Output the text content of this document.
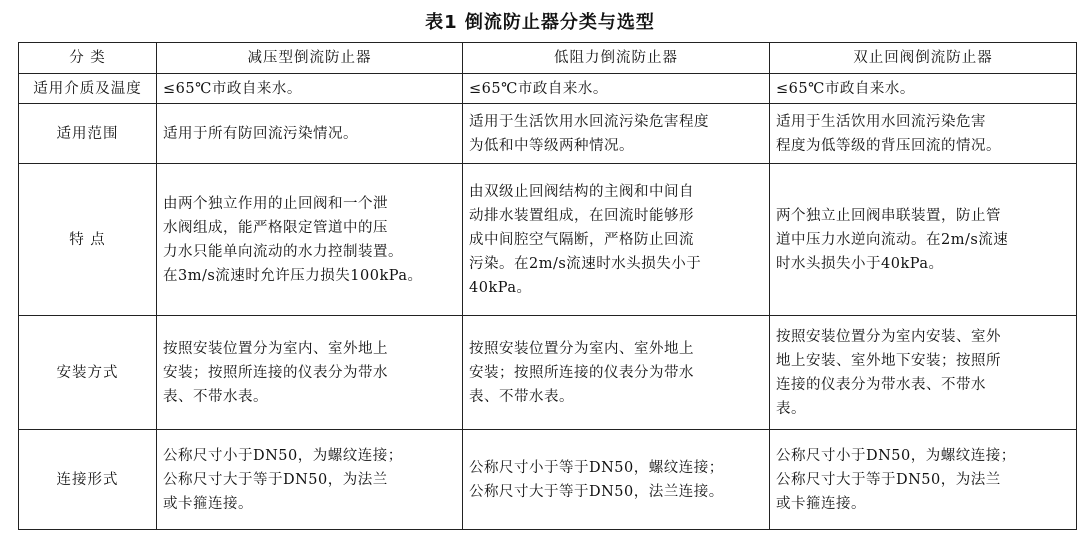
表1 倒流防止器分类与选型
分 类	减压型倒流防止器	低阻力倒流防止器	双止回阀倒流防止器
适用介质及温度	≤65℃市政自来水。	≤65℃市政自来水。	≤65℃市政自来水。

适用范围	适用于所有防回流污染情况。	适用于生活饮用水回流污染危害程度
为低和中等级两种情况。	适用于生活饮用水回流污染危害
程度为低等级的背压回流的情况。

特 点	由两个独立作用的止回阀和一个泄
水阀组成，能严格限定管道中的压
力水只能单向流动的水力控制装置。
在3m/s流速时允许压力损失100kPa。	由双级止回阀结构的主阀和中间自
动排水装置组成，在回流时能够形
成中间腔空气隔断，严格防止回流
污染。在2m/s流速时水头损失小于
40kPa。	两个独立止回阀串联装置，防止管
道中压力水逆向流动。在2m/s流速
时水头损失小于40kPa。

安装方式	按照安装位置分为室内、室外地上
安装；按照所连接的仪表分为带水
表、不带水表。	按照安装位置分为室内、室外地上
安装；按照所连接的仪表分为带水
表、不带水表。	按照安装位置分为室内安装、室外
地上安装、室外地下安装；按照所
连接的仪表分为带水表、不带水
表。

连接形式	公称尺寸小于DN50，为螺纹连接；
公称尺寸大于等于DN50，为法兰
或卡箍连接。	公称尺寸小于等于DN50，螺纹连接；
公称尺寸大于等于DN50，法兰连接。	公称尺寸小于DN50，为螺纹连接；
公称尺寸大于等于DN50，为法兰
或卡箍连接。
